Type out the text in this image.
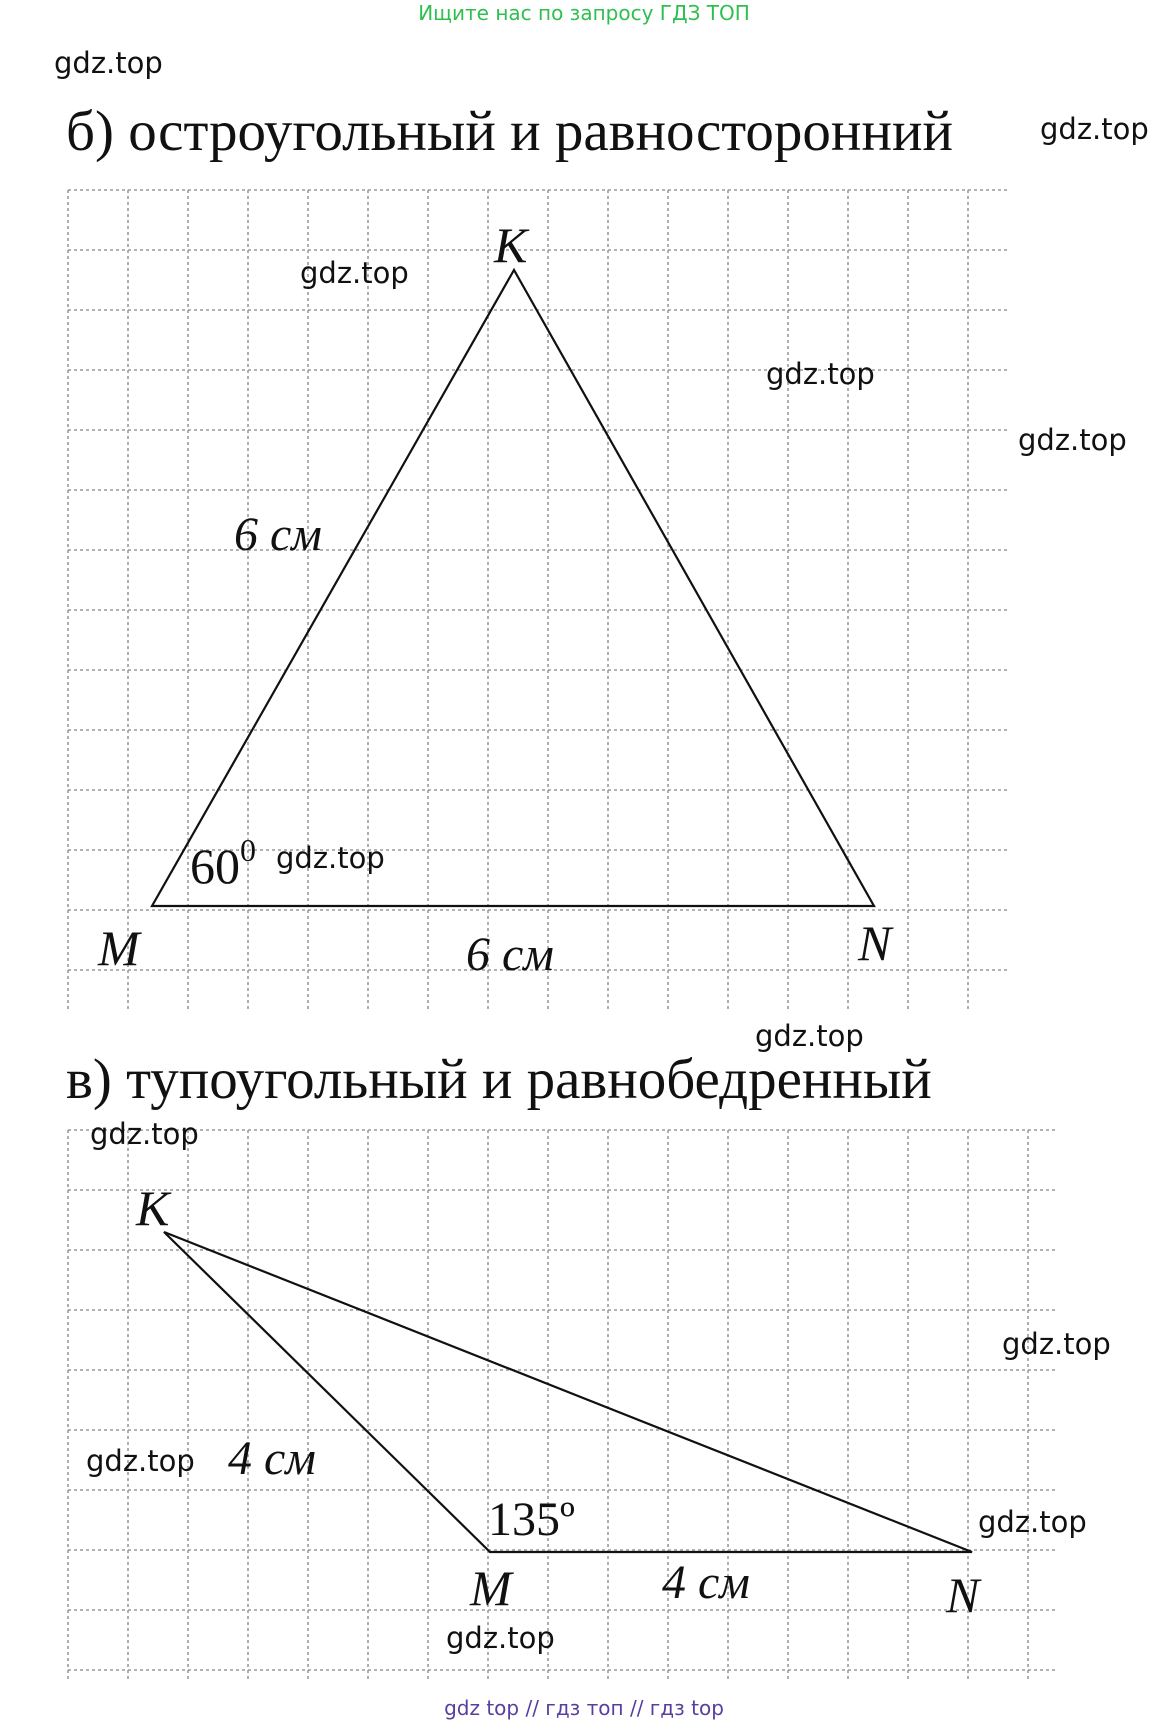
Ищите нас по запросу ГДЗ ТОП
gdz.top
gdz.top
б) остроугольный и равносторонний
K
M	N
6 см
6 см
$60^0$
K
M	N
4 см
4 см
135º
gdz.top
gdz.top
gdz.top
gdz.top
gdz.top
в) тупоугольный и равнобедренный
gdz.top
gdz.top
gdz.top
gdz.top
gdz.top
gdz top // гдз топ // гдз top
